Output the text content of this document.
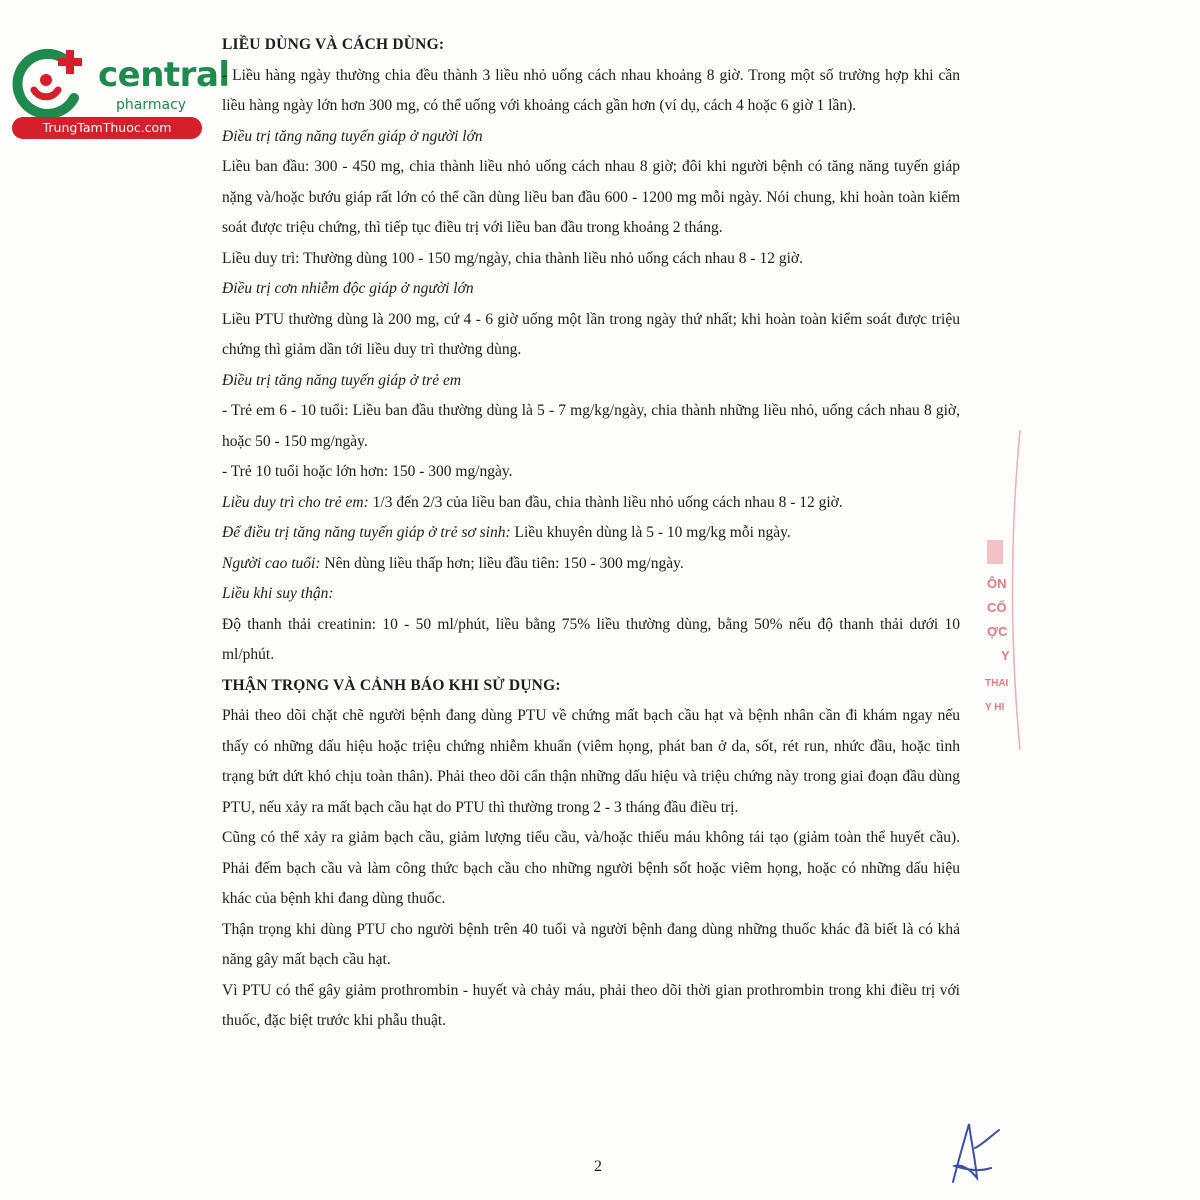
central
pharmacy
TrungTamThuoc.com
LIỀU DÙNG VÀ CÁCH DÙNG:

- Liều hàng ngày thường chia đều thành 3 liều nhỏ uống cách nhau khoảng 8 giờ. Trong một số trường hợp khi cần liều hàng ngày lớn hơn 300 mg, có thể uống với khoảng cách gần hơn (ví dụ, cách 4 hoặc 6 giờ 1 lần).

Điều trị tăng năng tuyến giáp ở người lớn

Liều ban đầu: 300 - 450 mg, chia thành liều nhỏ uống cách nhau 8 giờ; đôi khi người bệnh có tăng năng tuyến giáp nặng và/hoặc bướu giáp rất lớn có thể cần dùng liều ban đầu 600 - 1200 mg mỗi ngày. Nói chung, khi hoàn toàn kiểm soát được triệu chứng, thì tiếp tục điều trị với liều ban đầu trong khoảng 2 tháng.

Liều duy trì: Thường dùng 100 - 150 mg/ngày, chia thành liều nhỏ uống cách nhau 8 - 12 giờ.

Điều trị cơn nhiễm độc giáp ở người lớn

Liều PTU thường dùng là 200 mg, cứ 4 - 6 giờ uống một lần trong ngày thứ nhất; khi hoàn toàn kiểm soát được triệu chứng thì giảm dần tới liều duy trì thường dùng.

Điều trị tăng năng tuyến giáp ở trẻ em

- Trẻ em 6 - 10 tuổi: Liều ban đầu thường dùng là 5 - 7 mg/kg/ngày, chia thành những liều nhỏ, uống cách nhau 8 giờ, hoặc 50 - 150 mg/ngày.

- Trẻ 10 tuổi hoặc lớn hơn: 150 - 300 mg/ngày.

Liều duy trì cho trẻ em: 1/3 đến 2/3 của liều ban đầu, chia thành liều nhỏ uống cách nhau 8 - 12 giờ.

Để điều trị tăng năng tuyến giáp ở trẻ sơ sinh: Liều khuyên dùng là 5 - 10 mg/kg mỗi ngày.

Người cao tuổi: Nên dùng liều thấp hơn; liều đầu tiên: 150 - 300 mg/ngày.

Liều khi suy thận:

Độ thanh thải creatinin: 10 - 50 ml/phút, liều bằng 75% liều thường dùng, bằng 50% nếu độ thanh thải dưới 10 ml/phút.

THẬN TRỌNG VÀ CẢNH BÁO KHI SỬ DỤNG:

Phải theo dõi chặt chẽ người bệnh đang dùng PTU về chứng mất bạch cầu hạt và bệnh nhân cần đi khám ngay nếu thấy có những dấu hiệu hoặc triệu chứng nhiễm khuẩn (viêm họng, phát ban ở da, sốt, rét run, nhức đầu, hoặc tình trạng bứt dứt khó chịu toàn thân). Phải theo dõi cẩn thận những dấu hiệu và triệu chứng này trong giai đoạn đầu dùng PTU, nếu xảy ra mất bạch cầu hạt do PTU thì thường trong 2 - 3 tháng đầu điều trị.

Cũng có thể xảy ra giảm bạch cầu, giảm lượng tiểu cầu, và/hoặc thiếu máu không tái tạo (giảm toàn thể huyết cầu). Phải đếm bạch cầu và làm công thức bạch cầu cho những người bệnh sốt hoặc viêm họng, hoặc có những dấu hiệu khác của bệnh khi đang dùng thuốc.

Thận trọng khi dùng PTU cho người bệnh trên 40 tuổi và người bệnh đang dùng những thuốc khác đã biết là có khả năng gây mất bạch cầu hạt.

Vì PTU có thể gây giảm prothrombin - huyết và chảy máu, phải theo dõi thời gian prothrombin trong khi điều trị với thuốc, đặc biệt trước khi phẫu thuật.

2
ÔN
CỔ
ỢC
Y
THAI
Y HI
